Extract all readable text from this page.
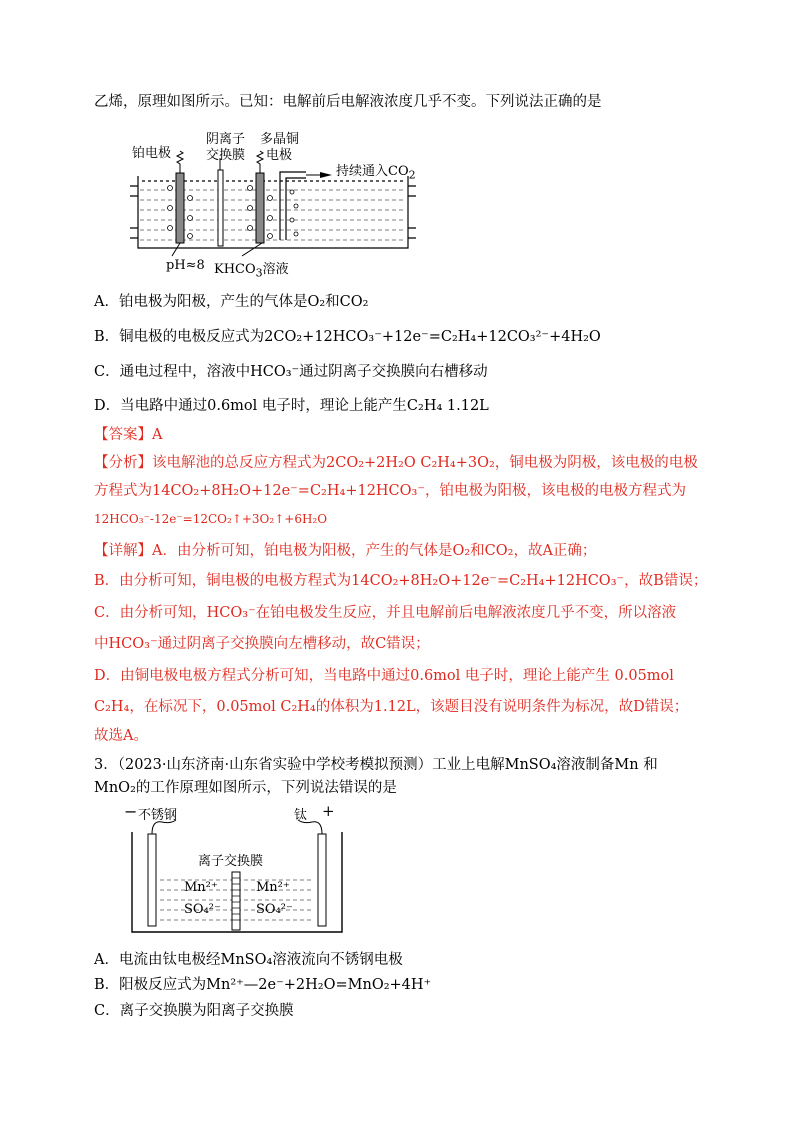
乙烯，原理如图所示。已知：电解前后电解液浓度几乎不变。下列说法正确的是
铂电极
阴离子
交换膜
多晶铜
电极
持续通入$CO_2$
pH≈8 $KHCO_3$溶液
A．铂电极为阳极，产生的气体是O₂和CO₂
B．铜电极的电极反应式为2CO₂+12HCO₃⁻+12e⁻=C₂H₄+12CO₃²⁻+4H₂O
C．通电过程中，溶液中HCO₃⁻通过阴离子交换膜向右槽移动
D．当电路中通过0.6mol 电子时，理论上能产生C₂H₄ 1.12L
【答案】A
【分析】该电解池的总反应方程式为2CO₂+2H₂O C₂H₄+3O₂，铜电极为阴极，该电极的电极
方程式为14CO₂+8H₂O+12e⁻=C₂H₄+12HCO₃⁻，铂电极为阳极，该电极的电极方程式为
12HCO₃⁻-12e⁻=12CO₂↑+3O₂↑+6H₂O
【详解】A．由分析可知，铂电极为阳极，产生的气体是O₂和CO₂，故A正确；
B．由分析可知，铜电极的电极方程式为14CO₂+8H₂O+12e⁻=C₂H₄+12HCO₃⁻，故B错误；
C．由分析可知，HCO₃⁻在铂电极发生反应，并且电解前后电解液浓度几乎不变，所以溶液
中HCO₃⁻通过阴离子交换膜向左槽移动，故C错误；
D．由铜电极电极方程式分析可知，当电路中通过0.6mol 电子时，理论上能产生 0.05mol
C₂H₄，在标况下，0.05mol C₂H₄的体积为1.12L，该题目没有说明条件为标况，故D错误；
故选A。
3．（2023·山东济南·山东省实验中学校考模拟预测）工业上电解MnSO₄溶液制备Mn 和
MnO₂的工作原理如图所示，下列说法错误的是
− 不锈钢	钛 +
离子交换膜
Mn²⁺	Mn²⁺
SO₄²⁻	SO₄²⁻
A．电流由钛电极经MnSO₄溶液流向不锈钢电极
B．阳极反应式为Mn²⁺—2e⁻+2H₂O=MnO₂+4H⁺
C．离子交换膜为阳离子交换膜
